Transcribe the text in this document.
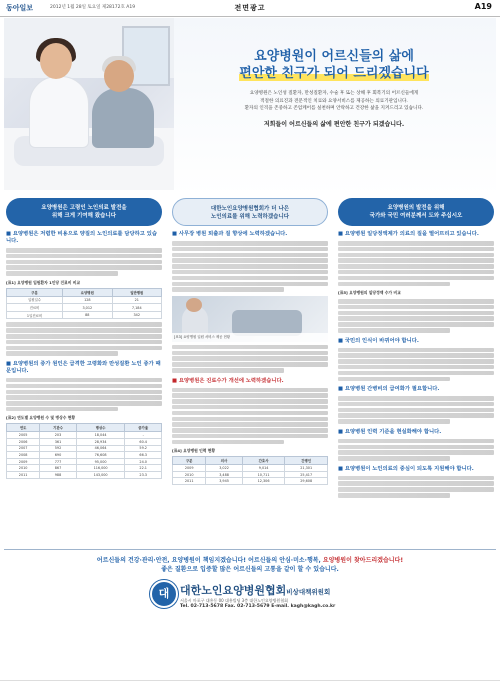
동아일보	2012년 1월 28일 토요일 제28172호 A19	전면광고	A19

요양병원이 어르신들의 삶에

편안한 친구가 되어 드리겠습니다

요양병원은 노인성 질환자, 만성질환자, 수술 후 또는 상해 후 회복기의 어르신들에게
적절한 의료진과 전문적인 치료와 요양서비스를 제공하는 의료기관입니다.
환자의 인격을 존중하고 존엄케어를 실천하며 안락하고 건강한 삶을 지켜드리고 있습니다.
저희들이 어르신들의 삶에 편안한 친구가 되겠습니다.
요양병원은 고령인 노인의료 발전을
위해 크게 기여해 왔습니다
■ 요양병원은 저렴한 비용으로 양질의 노인의료를 담당하고 있습니다.
[표1] 요양병원 입원환자 1인당 진료비 비교
구분	요양병원	일반병원
입원일수	128	21
진료비	3,012	7,184
1일진료비	88	342
■ 요양병원의 증가 원인은 급격한 고령화와 만성질환 노인 증가 때문입니다.
[표2] 연도별 요양병원 수 및 병상수 현황
연도	기관수	병상수	증가율
2005	203	18,044	-
2006	361	28,934	60.4
2007	592	46,064	59.2
2008	690	76,608	66.3
2009	777	95,000	24.0
2010	867	116,000	22.1
2011	988	143,000	23.3
대한노인요양병원협회가 더 나은
노인의료를 위해 노력하겠습니다
■ 사무장 병원 퇴출과 질 향상에 노력하겠습니다.
[표3] 요양병원 입원 서비스 제공 현황
■ 요양병원은 진료수가 개선에 노력하겠습니다.
[표4] 요양병원 인력 현황
구분	의사	간호사	간병인
2009	3,022	9,014	21,301
2010	3,488	10,711	25,417
2011	3,945	12,306	29,608
요양병원의 발전을 위해
국가와 국민 여러분께서 도와 주십시오
■ 요양병원 일당정액제가 의료의 질을 떨어뜨리고 있습니다.
[표5] 요양병원의 일당정액 수가 비교
■ 국민의 인식이 바뀌어야 합니다.
■ 요양병원 간병비의 급여화가 필요합니다.
■ 요양병원 인력 기준을 현실화해야 합니다.
■ 요양병원이 노인의료의 중심이 되도록 지원해야 합니다.
어르신들의 건강·관리·안전, 요양병원이 책임지겠습니다! 어르신들의 안심·미소·행복, 요양병원이 찾아드리겠습니다!
좋은 질환으로 입증할 많은 어르신들의 고통을 같이 할 수 있습니다.
대 대한노인요양병원협회비상대책위원회
서울시 마포구 대흥동 00 대흥빌딩 3층 대한노인요양병원협회
Tel. 02-713-5678 Fax. 02-713-5679 E-mail. kagh@kagh.co.kr
